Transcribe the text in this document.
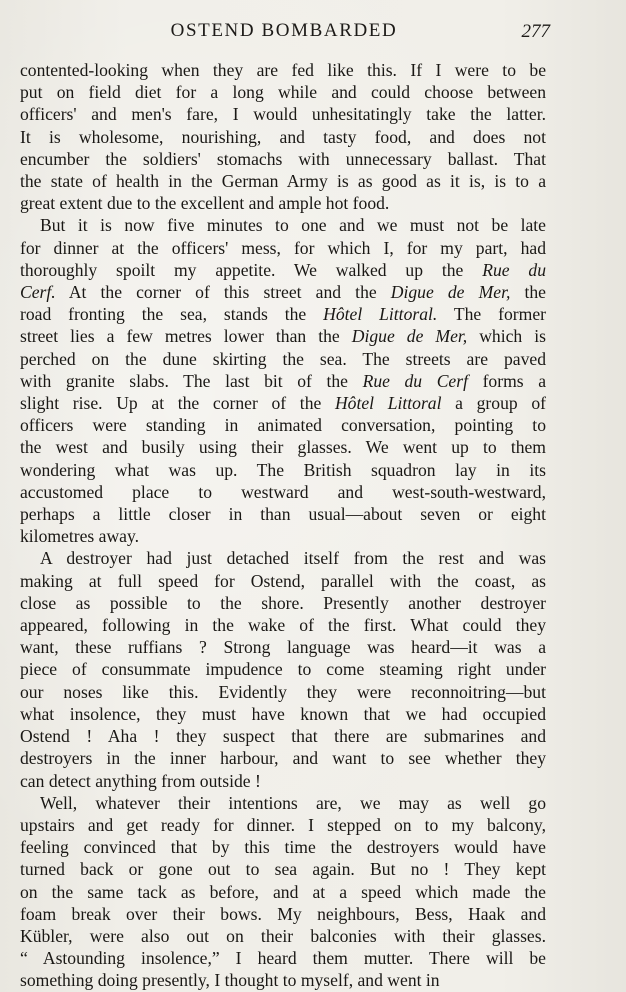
OSTEND BOMBARDED	277
contented-looking when they are fed like this. If I were to be
put on field diet for a long while and could choose between
officers' and men's fare, I would unhesitatingly take the latter.
It is wholesome, nourishing, and tasty food, and does not
encumber the soldiers' stomachs with unnecessary ballast. That
the state of health in the German Army is as good as it is, is to a
great extent due to the excellent and ample hot food.
But it is now five minutes to one and we must not be late
for dinner at the officers' mess, for which I, for my part, had
thoroughly spoilt my appetite. We walked up the Rue du
Cerf. At the corner of this street and the Digue de Mer, the
road fronting the sea, stands the Hôtel Littoral. The former
street lies a few metres lower than the Digue de Mer, which is
perched on the dune skirting the sea. The streets are paved
with granite slabs. The last bit of the Rue du Cerf forms a
slight rise. Up at the corner of the Hôtel Littoral a group of
officers were standing in animated conversation, pointing to
the west and busily using their glasses. We went up to them
wondering what was up. The British squadron lay in its
accustomed place to westward and west-south-westward,
perhaps a little closer in than usual—about seven or eight
kilometres away.
A destroyer had just detached itself from the rest and was
making at full speed for Ostend, parallel with the coast, as
close as possible to the shore. Presently another destroyer
appeared, following in the wake of the first. What could they
want, these ruffians ? Strong language was heard—it was a
piece of consummate impudence to come steaming right under
our noses like this. Evidently they were reconnoitring—but
what insolence, they must have known that we had occupied
Ostend ! Aha ! they suspect that there are submarines and
destroyers in the inner harbour, and want to see whether they
can detect anything from outside !
Well, whatever their intentions are, we may as well go
upstairs and get ready for dinner. I stepped on to my balcony,
feeling convinced that by this time the destroyers would have
turned back or gone out to sea again. But no ! They kept
on the same tack as before, and at a speed which made the
foam break over their bows. My neighbours, Bess, Haak and
Kübler, were also out on their balconies with their glasses.
“ Astounding insolence,” I heard them mutter. There will be
something doing presently, I thought to myself, and went in
